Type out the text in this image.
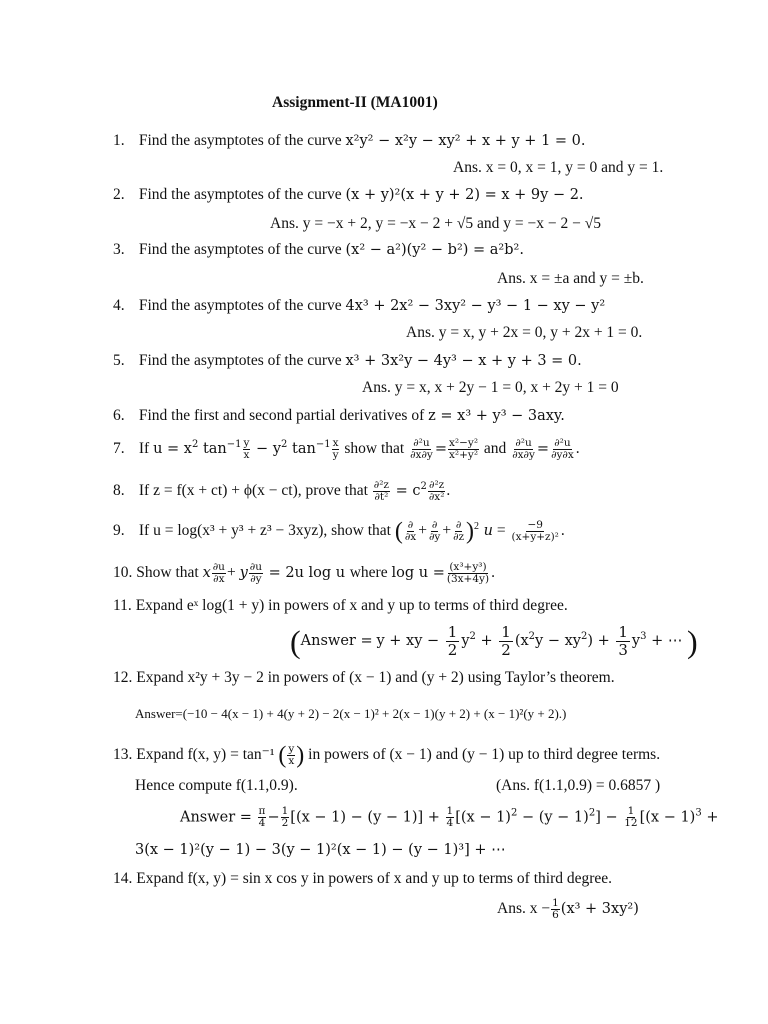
Assignment-II (MA1001)
1. Find the asymptotes of the curve x²y² − x²y − xy² + x + y + 1 = 0.
Ans. x = 0, x = 1, y = 0 and y = 1.
2. Find the asymptotes of the curve (x + y)²(x + y + 2) = x + 9y − 2.
Ans. y = −x + 2, y = −x − 2 + √5 and y = −x − 2 − √5
3. Find the asymptotes of the curve (x² − a²)(y² − b²) = a²b².
Ans. x = ±a and y = ±b.
4. Find the asymptotes of the curve 4x³ + 2x² − 3xy² − y³ − 1 − xy − y²
Ans. y = x, y + 2x = 0, y + 2x + 1 = 0.
5. Find the asymptotes of the curve x³ + 3x²y − 4y³ − x + y + 3 = 0.
Ans. y = x, x + 2y − 1 = 0, x + 2y + 1 = 0
6. Find the first and second partial derivatives of z = x³ + y³ − 3axy.
7. If $u = x^2$ $\tan^{-1} \frac{y}{x} - y^2$ $\tan^{-1} \frac{x}{y}$ show that $\frac{\text{∂²u}}{\partial x\partial y} = \frac{\text{x²−y²}}{\text{x²+y²}}$ and $\frac{\text{∂²u}}{\partial x\partial y} = \frac{\text{∂²u}}{\partial y\partial x}$ .
8. If z = f(x + ct) + ϕ(x − ct), prove that $\frac{\text{∂²z}}{\text{∂t²}} = c^2 \frac{\text{∂²z}}{\text{∂x²}}$ .
9. If u = log(x³ + y³ + z³ − 3xyz), show that ( ∂
∂x + ∂
∂y + ∂
∂z )$^2$ $u = \frac{-9}{\text{(x+y+z)²}}$ .
10. Show that x $\frac{\partial u}{\partial x} + y \frac{\partial u}{\partial y} = 2u$ log u where $\log u = \frac{\text{(x³+y³)}}{(3x+4y)}$ .
11. Expand eˣ log(1 + y) in powers of x and y up to terms of third degree.
(Answer = y + xy − $\frac{1}{2} y^2 + \frac{1}{2} (x^2y - xy^2) + \frac{1}{3} y^3$ + ⋯ )
12. Expand x²y + 3y − 2 in powers of (x − 1) and (y + 2) using Taylor’s theorem.
Answer=(−10 − 4(x − 1) + 4(y + 2) − 2(x − 1)² + 2(x − 1)(y + 2) + (x − 1)²(y + 2).)
13. Expand f(x, y) = tan⁻¹ ( $\frac{y}{x}$ ) in powers of (x − 1) and (y − 1) up to third degree terms.
Hence compute f(1.1,0.9).	(Ans. f(1.1,0.9) = 0.6857 )
Answer = $\frac{\pi}{4} - \frac{1}{2} [(x - 1) - (y - 1)] + \frac{1}{4} [(x - 1)^2 - (y - 1)^2] - \frac{1}{12} [(x - 1)^3$ +
3(x − 1)²(y − 1) − 3(y − 1)²(x − 1) − (y − 1)³] + ⋯
14. Expand f(x, y) = sin x cos y in powers of x and y up to terms of third degree.
Ans. $x - \frac{1}{6} (x^3 + 3xy^2)$
